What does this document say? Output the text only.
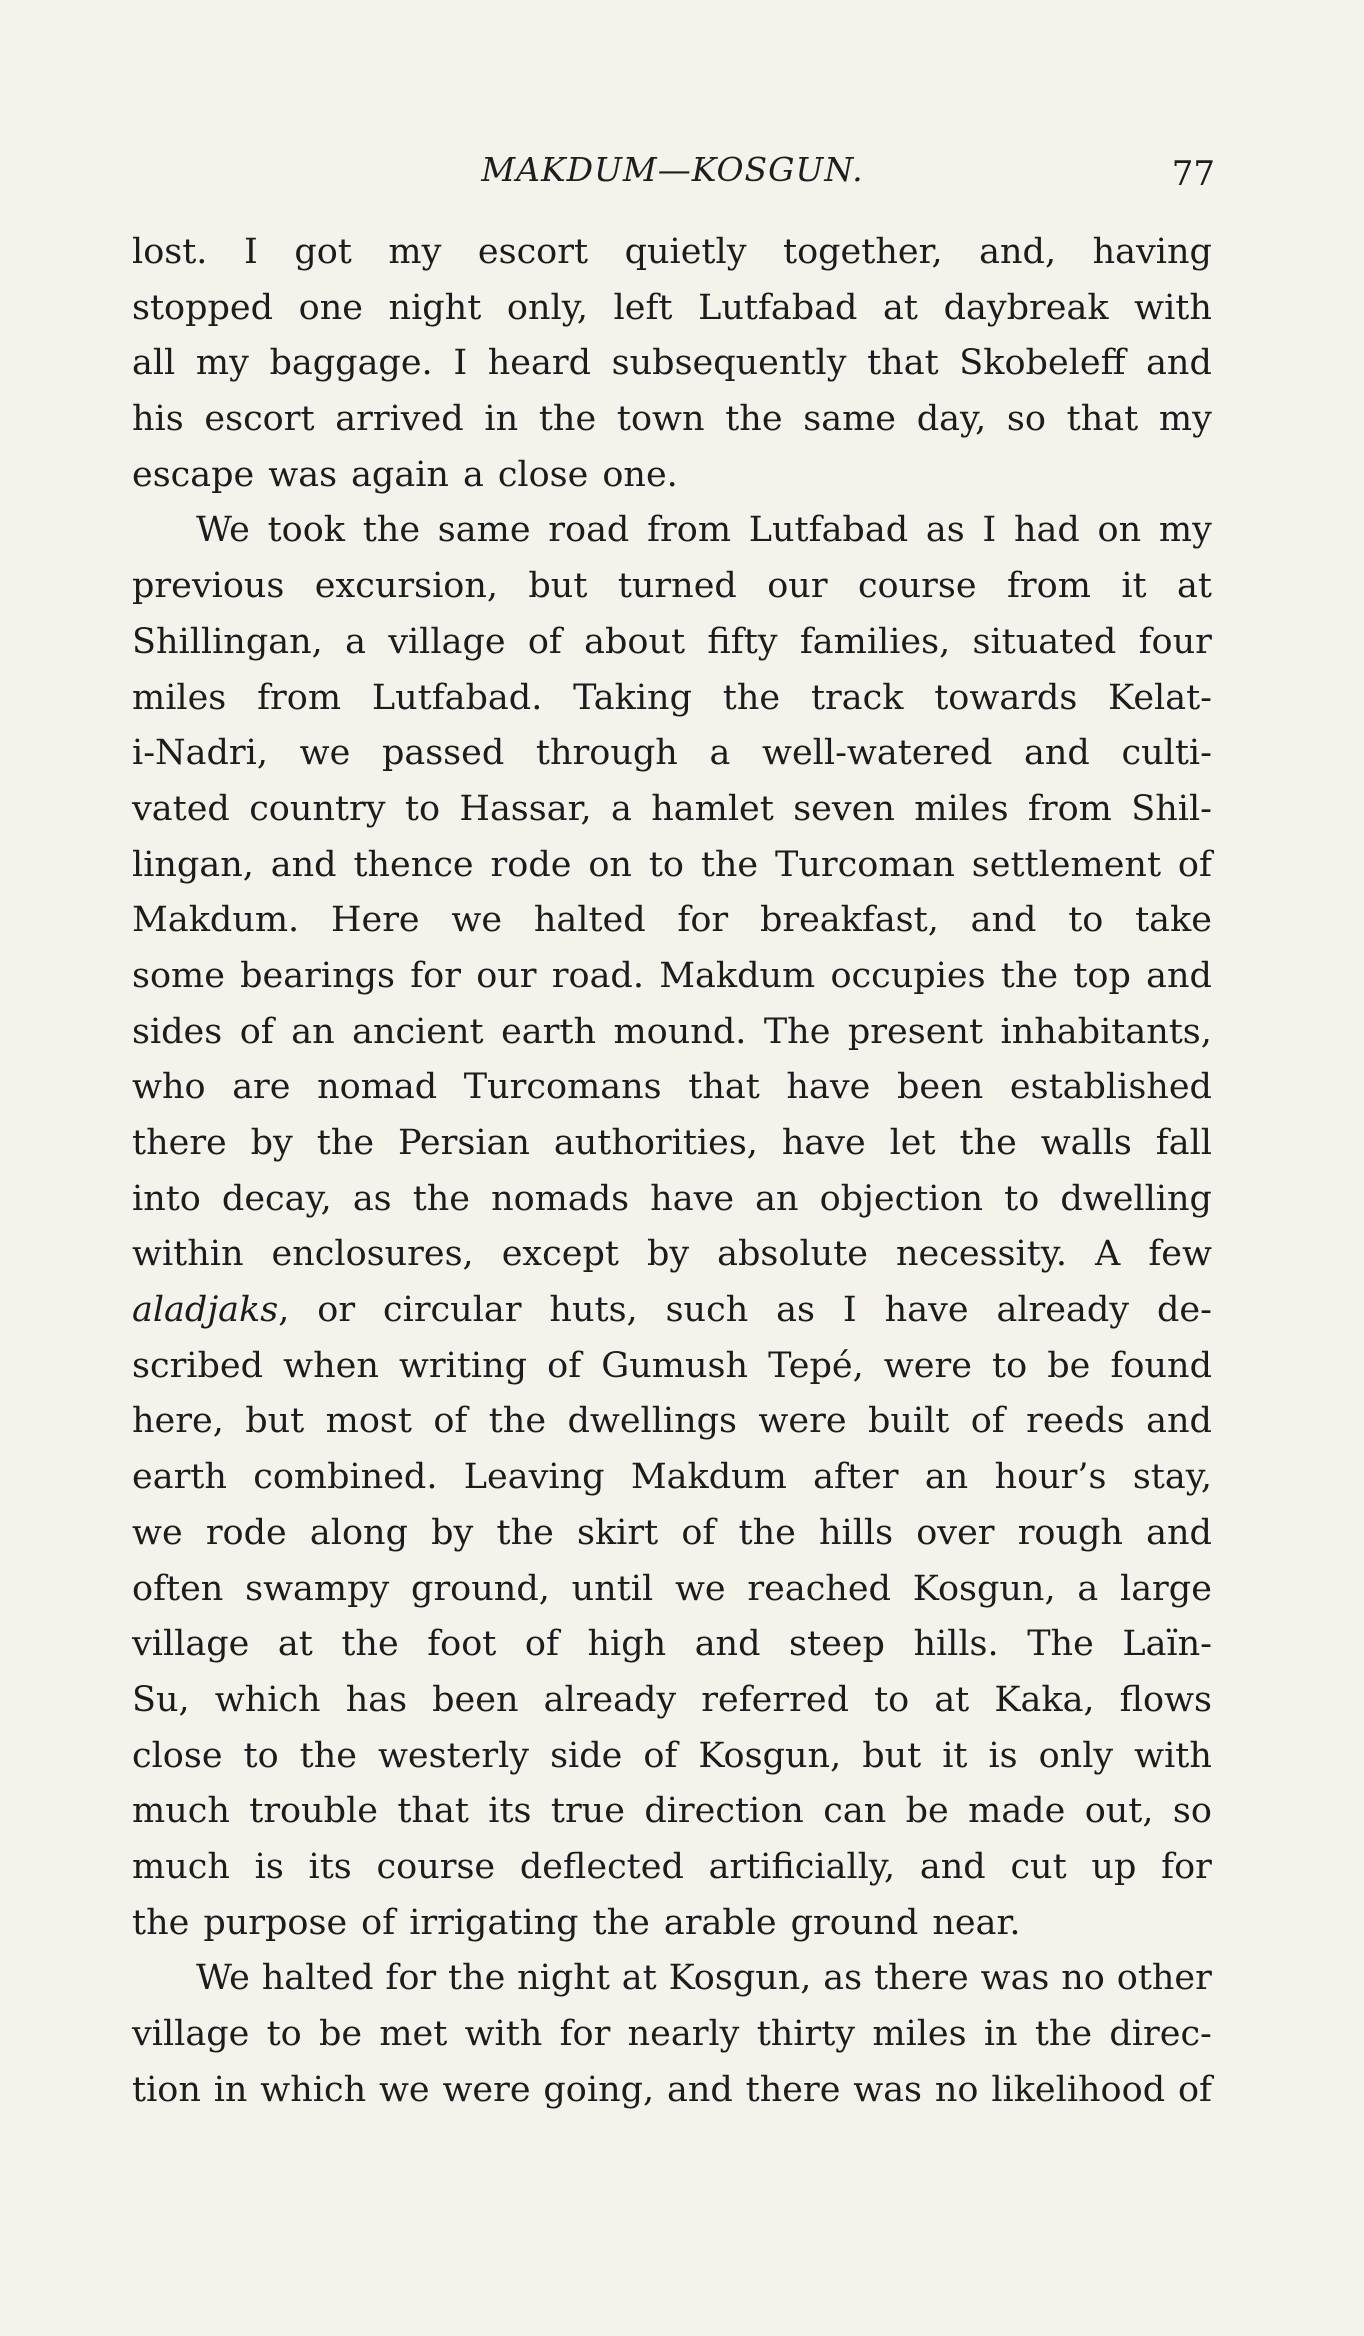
MAKDUM—KOSGUN.	77
lost. I got my escort quietly together, and, having
stopped one night only, left Lutfabad at daybreak with
all my baggage. I heard subsequently that Skobeleff and
his escort arrived in the town the same day, so that my
escape was again a close one.
We took the same road from Lutfabad as I had on my
previous excursion, but turned our course from it at
Shillingan, a village of about fifty families, situated four
miles from Lutfabad. Taking the track towards Kelat-
i-Nadri, we passed through a well-watered and culti-
vated country to Hassar, a hamlet seven miles from Shil-
lingan, and thence rode on to the Turcoman settlement of
Makdum. Here we halted for breakfast, and to take
some bearings for our road. Makdum occupies the top and
sides of an ancient earth mound. The present inhabitants,
who are nomad Turcomans that have been established
there by the Persian authorities, have let the walls fall
into decay, as the nomads have an objection to dwelling
within enclosures, except by absolute necessity. A few
aladjaks, or circular huts, such as I have already de-
scribed when writing of Gumush Tepé, were to be found
here, but most of the dwellings were built of reeds and
earth combined. Leaving Makdum after an hour’s stay,
we rode along by the skirt of the hills over rough and
often swampy ground, until we reached Kosgun, a large
village at the foot of high and steep hills. The Laïn-
Su, which has been already referred to at Kaka, flows
close to the westerly side of Kosgun, but it is only with
much trouble that its true direction can be made out, so
much is its course deflected artificially, and cut up for
the purpose of irrigating the arable ground near.
We halted for the night at Kosgun, as there was no other
village to be met with for nearly thirty miles in the direc-
tion in which we were going, and there was no likelihood of
